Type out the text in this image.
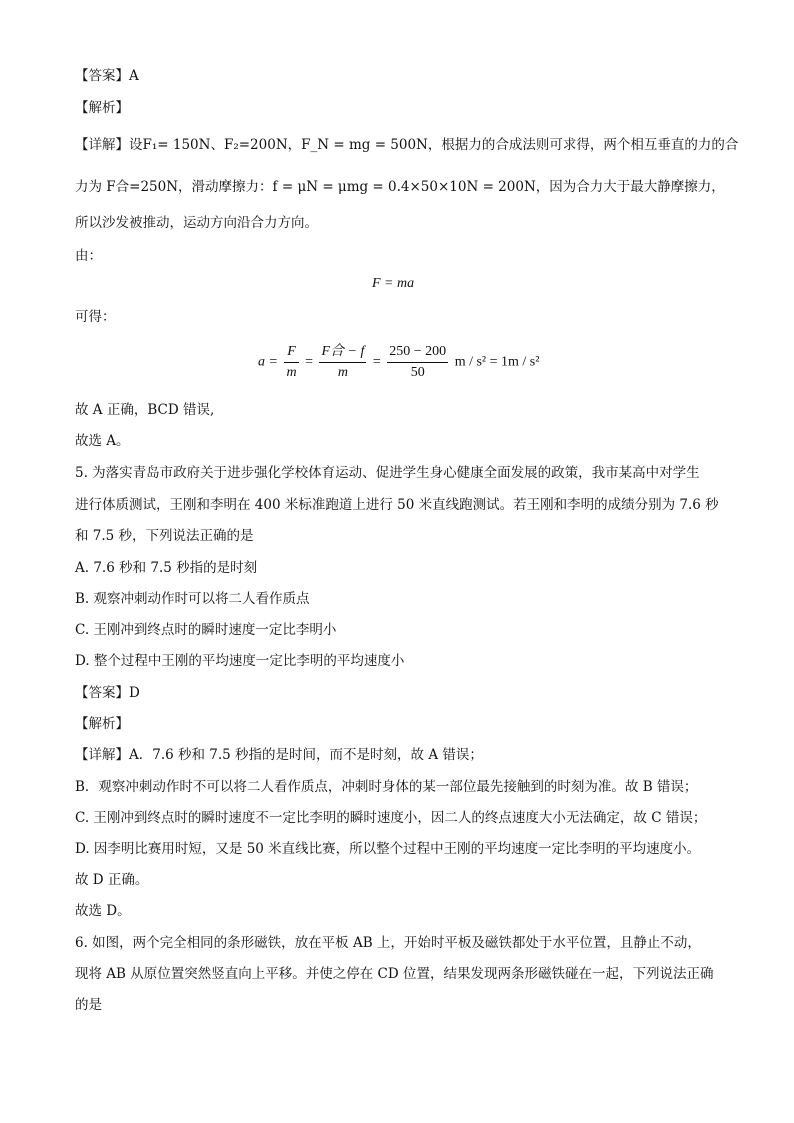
【答案】A
【解析】
【详解】设F₁= 150N、F₂=200N，F_N = mg = 500N，根据力的合成法则可求得，两个相互垂直的力的合
力为 F合=250N，滑动摩擦力：f = μN = μmg = 0.4×50×10N = 200N，因为合力大于最大静摩擦力，
所以沙发被推动，运动方向沿合力方向。
由：
F = ma
可得：
$a = \frac{F}{m} = \frac{\text{F合 − f}}{m} = \frac{250 - 200}{50}$ m / s² = 1m / s²
故 A 正确，BCD 错误,
故选 A。
5. 为落实青岛市政府关于进步强化学校体育运动、促进学生身心健康全面发展的政策，我市某高中对学生
进行体质测试，王刚和李明在 400 米标准跑道上进行 50 米直线跑测试。若王刚和李明的成绩分别为 7.6 秒
和 7.5 秒，下列说法正确的是
A. 7.6 秒和 7.5 秒指的是时刻
B. 观察冲刺动作时可以将二人看作质点
C. 王刚冲到终点时的瞬时速度一定比李明小
D. 整个过程中王刚的平均速度一定比李明的平均速度小
【答案】D
【解析】
【详解】A．7.6 秒和 7.5 秒指的是时间，而不是时刻，故 A 错误；
B．观察冲刺动作时不可以将二人看作质点，冲刺时身体的某一部位最先接触到的时刻为准。故 B 错误；
C. 王刚冲到终点时的瞬时速度不一定比李明的瞬时速度小，因二人的终点速度大小无法确定，故 C 错误；
D. 因李明比赛用时短，又是 50 米直线比赛，所以整个过程中王刚的平均速度一定比李明的平均速度小。
故 D 正确。
故选 D。
6. 如图，两个完全相同的条形磁铁，放在平板 AB 上，开始时平板及磁铁都处于水平位置，且静止不动，
现将 AB 从原位置突然竖直向上平移。并使之停在 CD 位置，结果发现两条形磁铁碰在一起，下列说法正确
的是
